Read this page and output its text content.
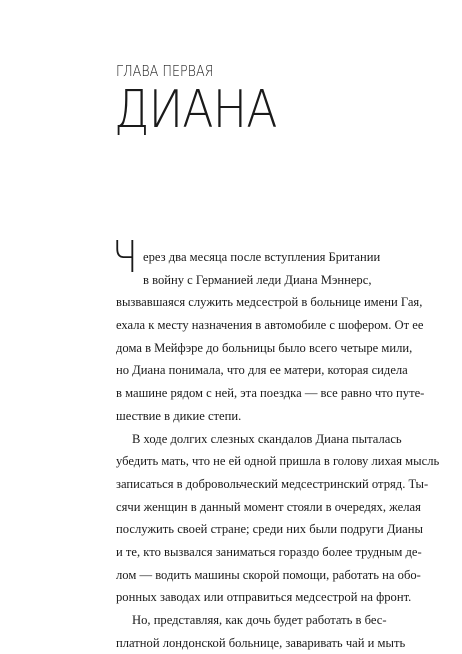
ГЛАВА ПЕРВАЯ
ДИАНА
Ч ерез два месяца после вступления Британии
в войну с Германией леди Диана Мэннерс,
вызвавшаяся служить медсестрой в больнице имени Гая,
ехала к месту назначения в автомобиле с шофером. От ее
дома в Мейфэре до больницы было всего четыре мили,
но Диана понимала, что для ее матери, которая сидела
в машине рядом с ней, эта поездка — все равно что путе-
шествие в дикие степи.
В ходе долгих слезных скандалов Диана пыталась
убедить мать, что не ей одной пришла в голову лихая мысль
записаться в добровольческий медсестринский отряд. Ты-
сячи женщин в данный момент стояли в очередях, желая
послужить своей стране; среди них были подруги Дианы
и те, кто вызвался заниматься гораздо более трудным де-
лом — водить машины скорой помощи, работать на обо-
ронных заводах или отправиться медсестрой на фронт.
Но, представляя, как дочь будет работать в бес-
платной лондонской больнице, заваривать чай и мыть
